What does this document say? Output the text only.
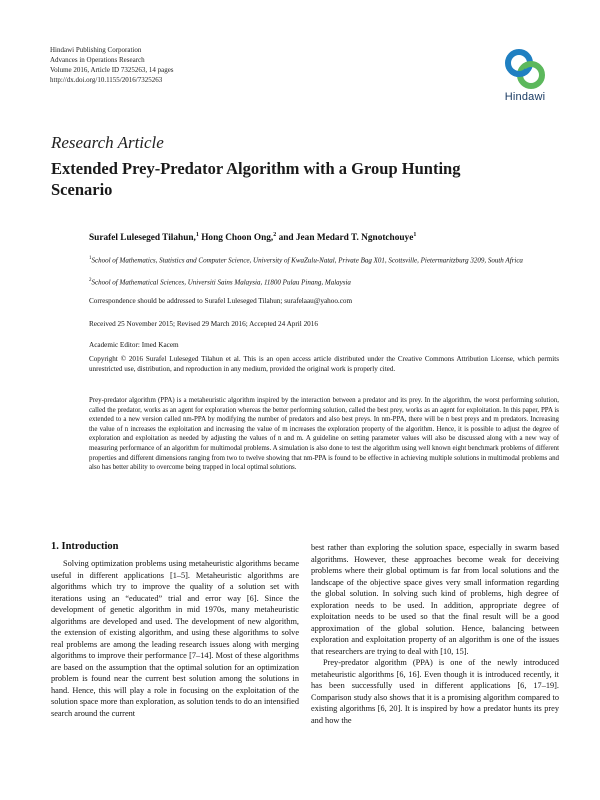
Hindawi Publishing Corporation
Advances in Operations Research
Volume 2016, Article ID 7325263, 14 pages
http://dx.doi.org/10.1155/2016/7325263
Hindawi
Research Article
Extended Prey-Predator Algorithm with a Group Hunting Scenario
Surafel Luleseged Tilahun,$^1$ Hong Choon Ong,$^2$ and Jean Medard T. Ngnotchouye$^1$
$^1$School of Mathematics, Statistics and Computer Science, University of KwaZulu-Natal, Private Bag X01, Scottsville, Pietermaritzburg 3209, South Africa
$^2$School of Mathematical Sciences, Universiti Sains Malaysia, 11800 Pulau Pinang, Malaysia
Correspondence should be addressed to Surafel Luleseged Tilahun; surafelaau@yahoo.com
Received 25 November 2015; Revised 29 March 2016; Accepted 24 April 2016
Academic Editor: Imed Kacem
Copyright © 2016 Surafel Luleseged Tilahun et al. This is an open access article distributed under the Creative Commons Attribution License, which permits unrestricted use, distribution, and reproduction in any medium, provided the original work is properly cited.

Prey-predator algorithm (PPA) is a metaheuristic algorithm inspired by the interaction between a predator and its prey. In the algorithm, the worst performing solution, called the predator, works as an agent for exploration whereas the better performing solution, called the best prey, works as an agent for exploitation. In this paper, PPA is extended to a new version called nm-PPA by modifying the number of predators and also best preys. In nm-PPA, there will be n best preys and m predators. Increasing the value of n increases the exploitation and increasing the value of m increases the exploration property of the algorithm. Hence, it is possible to adjust the degree of exploration and exploitation as needed by adjusting the values of n and m. A guideline on setting parameter values will also be discussed along with a new way of measuring performance of an algorithm for multimodal problems. A simulation is also done to test the algorithm using well known eight benchmark problems of different properties and different dimensions ranging from two to twelve showing that nm-PPA is found to be effective in achieving multiple solutions in multimodal problems and also has better ability to overcome being trapped in local optimal solutions.

1. Introduction

Solving optimization problems using metaheuristic algorithms became useful in different applications [1–5]. Metaheuristic algorithms are algorithms which try to improve the quality of a solution set with iterations using an “educated” trial and error way [6]. Since the development of genetic algorithm in mid 1970s, many metaheuristic algorithms are developed and used. The development of new algorithm, the extension of existing algorithm, and using these algorithms to solve real problems are among the leading research issues along with merging algorithms to improve their performance [7–14]. Most of these algorithms are based on the assumption that the optimal solution for an optimization problem is found near the current best solution among the solutions in hand. Hence, this will play a role in focusing on the exploitation of the solution space more than exploration, as solution tends to do an intensified search around the current

best rather than exploring the solution space, especially in swarm based algorithms. However, these approaches become weak for deceiving problems where their global optimum is far from local solutions and the landscape of the objective space gives very small information regarding the global solution. In solving such kind of problems, high degree of exploration needs to be used. In addition, appropriate degree of exploitation needs to be used so that the final result will be a good approximation of the global solution. Hence, balancing between exploration and exploitation property of an algorithm is one of the issues that researchers are trying to deal with [10, 15].

Prey-predator algorithm (PPA) is one of the newly introduced metaheuristic algorithms [6, 16]. Even though it is introduced recently, it has been successfully used in different applications [6, 17–19]. Comparison study also shows that it is a promising algorithm compared to existing algorithms [6, 20]. It is inspired by how a predator hunts its prey and how the
